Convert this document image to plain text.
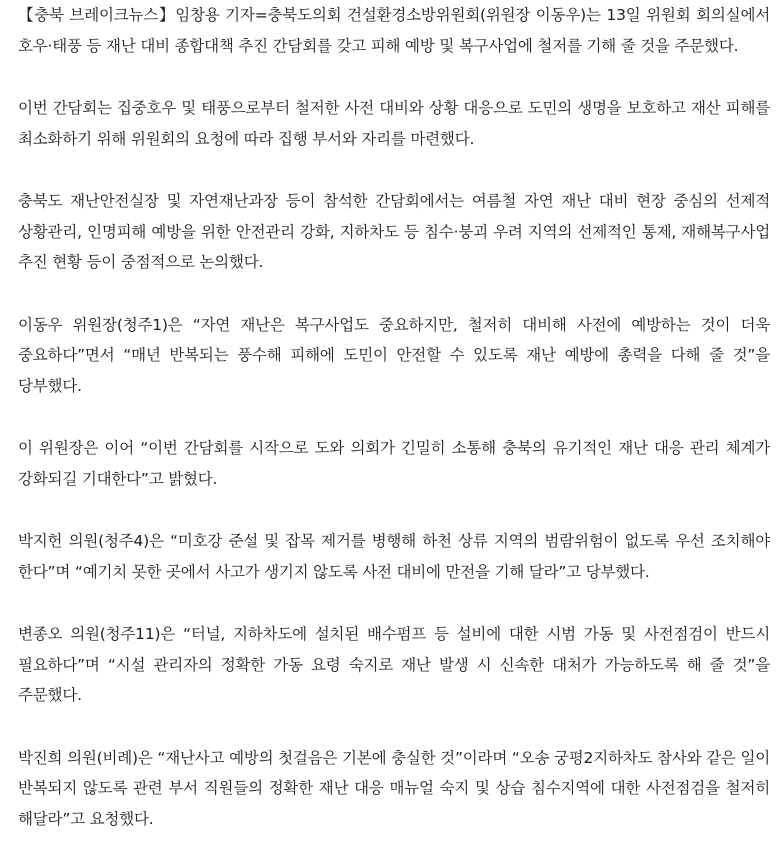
【충북 브레이크뉴스】임창용 기자=충북도의회 건설환경소방위원회(위원장 이동우)는 13일 위원회 회의실에서 호우·태풍 등 재난 대비 종합대책 추진 간담회를 갖고 피해 예방 및 복구사업에 철저를 기해 줄 것을 주문했다.

이번 간담회는 집중호우 및 태풍으로부터 철저한 사전 대비와 상황 대응으로 도민의 생명을 보호하고 재산 피해를 최소화하기 위해 위원회의 요청에 따라 집행 부서와 자리를 마련했다.

충북도 재난안전실장 및 자연재난과장 등이 참석한 간담회에서는 여름철 자연 재난 대비 현장 중심의 선제적 상황관리, 인명피해 예방을 위한 안전관리 강화, 지하차도 등 침수·붕괴 우려 지역의 선제적인 통제, 재해복구사업 추진 현황 등이 중점적으로 논의했다.

이동우 위원장(청주1)은 “자연 재난은 복구사업도 중요하지만, 철저히 대비해 사전에 예방하는 것이 더욱 중요하다”면서 “매년 반복되는 풍수해 피해에 도민이 안전할 수 있도록 재난 예방에 총력을 다해 줄 것”을 당부했다.

이 위원장은 이어 “이번 간담회를 시작으로 도와 의회가 긴밀히 소통해 충북의 유기적인 재난 대응 관리 체계가 강화되길 기대한다”고 밝혔다.

박지헌 의원(청주4)은 “미호강 준설 및 잡목 제거를 병행해 하천 상류 지역의 범람위험이 없도록 우선 조치해야 한다”며 “예기치 못한 곳에서 사고가 생기지 않도록 사전 대비에 만전을 기해 달라”고 당부했다.

변종오 의원(청주11)은 “터널, 지하차도에 설치된 배수펌프 등 설비에 대한 시범 가동 및 사전점검이 반드시 필요하다”며 “시설 관리자의 정확한 가동 요령 숙지로 재난 발생 시 신속한 대처가 가능하도록 해 줄 것”을 주문했다.

박진희 의원(비례)은 “재난사고 예방의 첫걸음은 기본에 충실한 것”이라며 “오송 궁평2지하차도 참사와 같은 일이 반복되지 않도록 관련 부서 직원들의 정확한 재난 대응 매뉴얼 숙지 및 상습 침수지역에 대한 사전점검을 철저히 해달라”고 요청했다.
